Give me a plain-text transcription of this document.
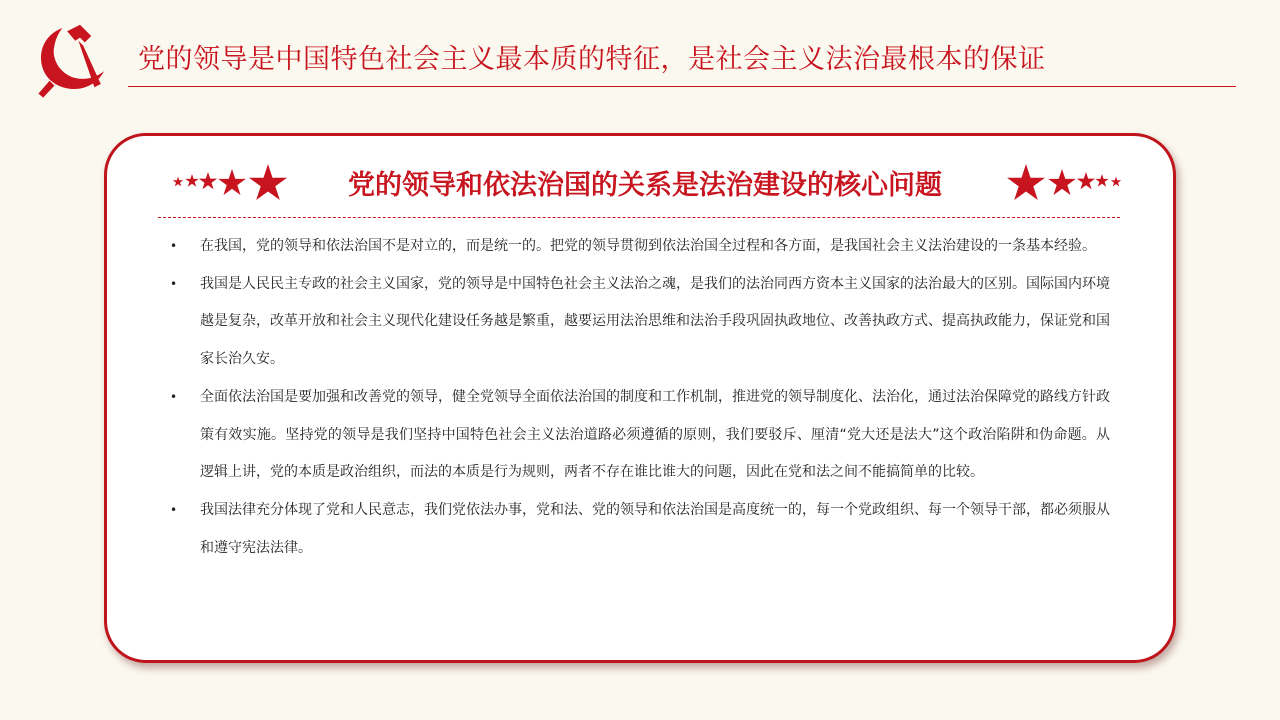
党的领导是中国特色社会主义最本质的特征，是社会主义法治最根本的保证
党的领导和依法治国的关系是法治建设的核心问题
• 在我国，党的领导和依法治国不是对立的，而是统一的。把党的领导贯彻到依法治国全过程和各方面，是我国社会主义法治建设的一条基本经验。
• 我国是人民民主专政的社会主义国家，党的领导是中国特色社会主义法治之魂，是我们的法治同西方资本主义国家的法治最大的区别。国际国内环境越是复杂，改革开放和社会主义现代化建设任务越是繁重，越要运用法治思维和法治手段巩固执政地位、改善执政方式、提高执政能力，保证党和国家长治久安。
• 全面依法治国是要加强和改善党的领导，健全党领导全面依法治国的制度和工作机制，推进党的领导制度化、法治化，通过法治保障党的路线方针政策有效实施。坚持党的领导是我们坚持中国特色社会主义法治道路必须遵循的原则，我们要驳斥、厘清“党大还是法大”这个政治陷阱和伪命题。从逻辑上讲，党的本质是政治组织，而法的本质是行为规则，两者不存在谁比谁大的问题，因此在党和法之间不能搞简单的比较。
• 我国法律充分体现了党和人民意志，我们党依法办事，党和法、党的领导和依法治国是高度统一的，每一个党政组织、每一个领导干部，都必须服从和遵守宪法法律。
